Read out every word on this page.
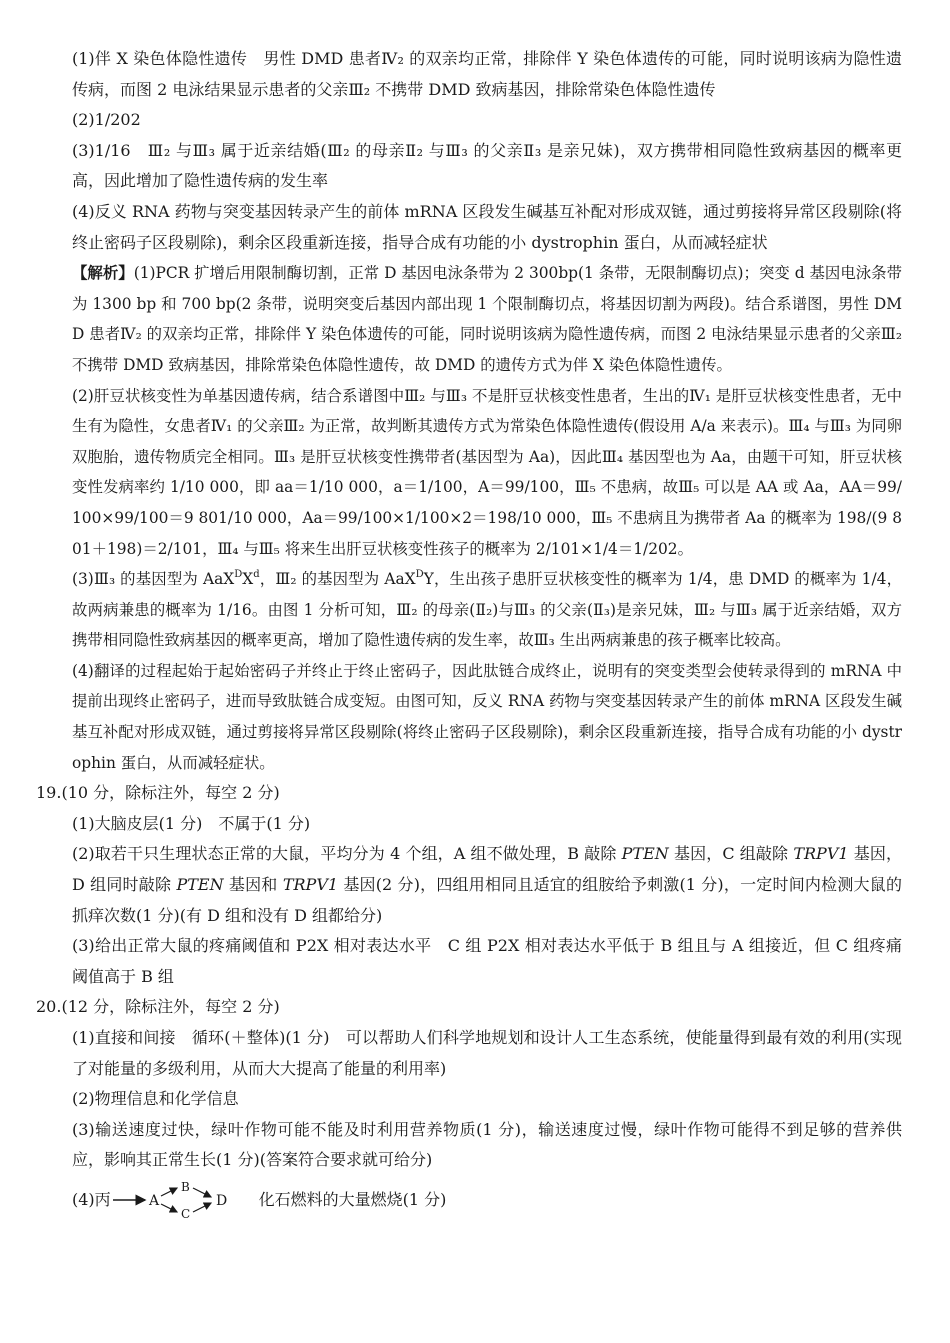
(1)伴 X 染色体隐性遗传　男性 DMD 患者Ⅳ₂ 的双亲均正常，排除伴 Y 染色体遗传的可能，同时说明该病为隐性遗传病，而图 2 电泳结果显示患者的父亲Ⅲ₂ 不携带 DMD 致病基因，排除常染色体隐性遗传

(2)1/202

(3)1/16　Ⅲ₂ 与Ⅲ₃ 属于近亲结婚(Ⅲ₂ 的母亲Ⅱ₂ 与Ⅲ₃ 的父亲Ⅱ₃ 是亲兄妹)，双方携带相同隐性致病基因的概率更高，因此增加了隐性遗传病的发生率

(4)反义 RNA 药物与突变基因转录产生的前体 mRNA 区段发生碱基互补配对形成双链，通过剪接将异常区段剔除(将终止密码子区段剔除)，剩余区段重新连接，指导合成有功能的小 dystrophin 蛋白，从而减轻症状

【解析】(1)PCR 扩增后用限制酶切割，正常 D 基因电泳条带为 2 300bp(1 条带，无限制酶切点)；突变 d 基因电泳条带为 1300 bp 和 700 bp(2 条带，说明突变后基因内部出现 1 个限制酶切点，将基因切割为两段)。结合系谱图，男性 DMD 患者Ⅳ₂ 的双亲均正常，排除伴 Y 染色体遗传的可能，同时说明该病为隐性遗传病，而图 2 电泳结果显示患者的父亲Ⅲ₂ 不携带 DMD 致病基因，排除常染色体隐性遗传，故 DMD 的遗传方式为伴 X 染色体隐性遗传。

(2)肝豆状核变性为单基因遗传病，结合系谱图中Ⅲ₂ 与Ⅲ₃ 不是肝豆状核变性患者，生出的Ⅳ₁ 是肝豆状核变性患者，无中生有为隐性，女患者Ⅳ₁ 的父亲Ⅲ₂ 为正常，故判断其遗传方式为常染色体隐性遗传(假设用 A/a 来表示)。Ⅲ₄ 与Ⅲ₃ 为同卵双胞胎，遗传物质完全相同。Ⅲ₃ 是肝豆状核变性携带者(基因型为 Aa)，因此Ⅲ₄ 基因型也为 Aa，由题干可知，肝豆状核变性发病率约 1/10 000，即 aa＝1/10 000，a＝1/100，A＝99/100，Ⅲ₅ 不患病，故Ⅲ₅ 可以是 AA 或 Aa，AA＝99/100×99/100＝9 801/10 000，Aa＝99/100×1/100×2＝198/10 000，Ⅲ₅ 不患病且为携带者 Aa 的概率为 198/(9 801＋198)＝2/101，Ⅲ₄ 与Ⅲ₅ 将来生出肝豆状核变性孩子的概率为 2/101×1/4＝1/202。

(3)Ⅲ₃ 的基因型为 $AaX^DX^d$，Ⅲ₂ 的基因型为 AaX$^D$Y，生出孩子患肝豆状核变性的概率为 1/4，患 DMD 的概率为 1/4，故两病兼患的概率为 1/16。由图 1 分析可知，Ⅲ₂ 的母亲(Ⅱ₂)与Ⅲ₃ 的父亲(Ⅱ₃)是亲兄妹，Ⅲ₂ 与Ⅲ₃ 属于近亲结婚，双方携带相同隐性致病基因的概率更高，增加了隐性遗传病的发生率，故Ⅲ₃ 生出两病兼患的孩子概率比较高。

(4)翻译的过程起始于起始密码子并终止于终止密码子，因此肽链合成终止，说明有的突变类型会使转录得到的 mRNA 中提前出现终止密码子，进而导致肽链合成变短。由图可知，反义 RNA 药物与突变基因转录产生的前体 mRNA 区段发生碱基互补配对形成双链，通过剪接将异常区段剔除(将终止密码子区段剔除)，剩余区段重新连接，指导合成有功能的小 dystrophin 蛋白，从而减轻症状。

19.(10 分，除标注外，每空 2 分)

(1)大脑皮层(1 分)　不属于(1 分)

(2)取若干只生理状态正常的大鼠，平均分为 4 个组，A 组不做处理，B 敲除 PTEN 基因，C 组敲除 TRPV1 基因，D 组同时敲除 PTEN 基因和 TRPV1 基因(2 分)，四组用相同且适宜的组胺给予刺激(1 分)，一定时间内检测大鼠的抓痒次数(1 分)(有 D 组和没有 D 组都给分)

(3)给出正常大鼠的疼痛阈值和 P2X 相对表达水平　C 组 P2X 相对表达水平低于 B 组且与 A 组接近，但 C 组疼痛阈值高于 B 组

20.(12 分，除标注外，每空 2 分)

(1)直接和间接　循环(＋整体)(1 分)　可以帮助人们科学地规划和设计人工生态系统，使能量得到最有效的利用(实现了对能量的多级利用，从而大大提高了能量的利用率)

(2)物理信息和化学信息

(3)输送速度过快，绿叶作物可能不能及时利用营养物质(1 分)，输送速度过慢，绿叶作物可能得不到足够的营养供应，影响其正常生长(1 分)(答案符合要求就可给分)

(4)丙	A
B
C
D 化石燃料的大量燃烧(1 分)
